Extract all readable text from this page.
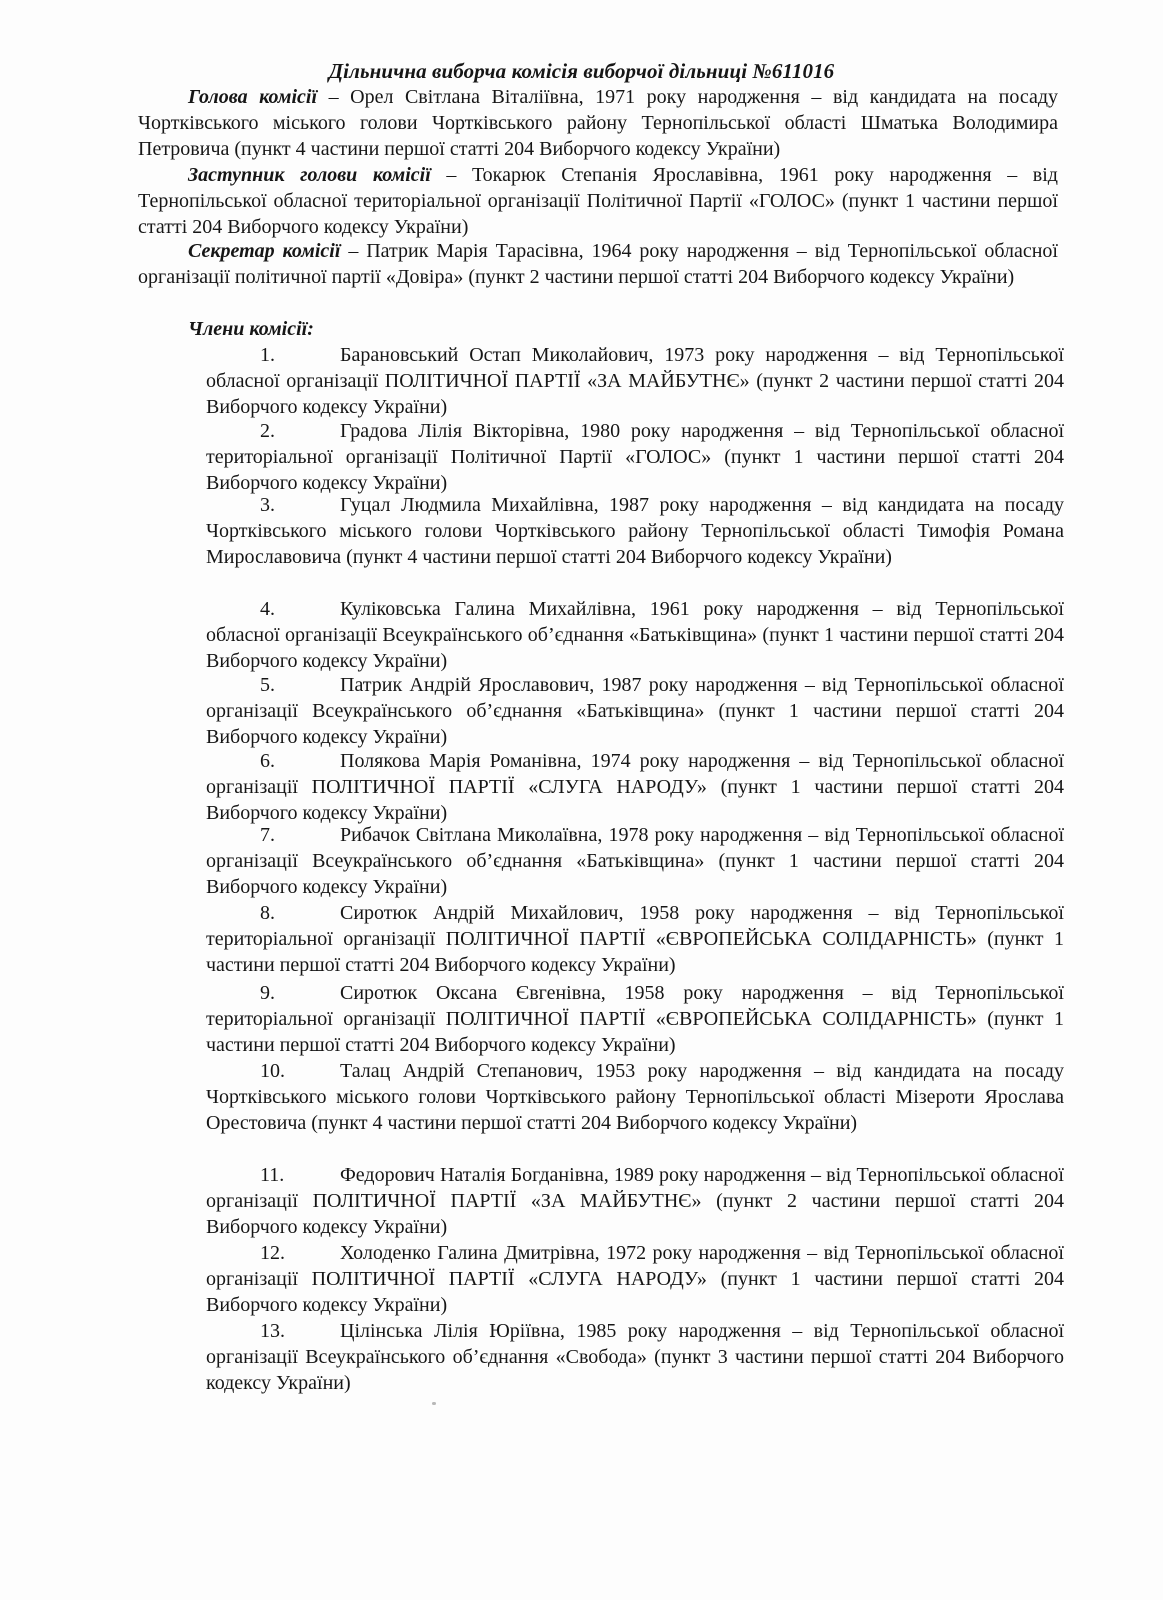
Дільнична виборча комісія виборчої дільниці №611016
Голова комісії – Орел Світлана Віталіївна, 1971 року народження – від кандидата на посаду Чортківського міського голови Чортківського району Тернопільської області Шматька Володимира Петровича (пункт 4 частини першої статті 204 Виборчого кодексу України)
Заступник голови комісії – Токарюк Степанія Ярославівна, 1961 року народження – від Тернопільської обласної територіальної організації Політичної Партії «ГОЛОС» (пункт 1 частини першої статті 204 Виборчого кодексу України)
Секретар комісії – Патрик Марія Тарасівна, 1964 року народження – від Тернопільської обласної організації політичної партії «Довіра» (пункт 2 частини першої статті 204 Виборчого кодексу України)
Члени комісії:
1.	Барановський Остап Миколайович, 1973 року народження – від Тернопільської обласної організації ПОЛІТИЧНОЇ ПАРТІЇ «ЗА МАЙБУТНЄ» (пункт 2 частини першої статті 204 Виборчого кодексу України)
2.	Градова Лілія Вікторівна, 1980 року народження – від Тернопільської обласної територіальної організації Політичної Партії «ГОЛОС» (пункт 1 частини першої статті 204 Виборчого кодексу України)
3.	Гуцал Людмила Михайлівна, 1987 року народження – від кандидата на посаду Чортківського міського голови Чортківського району Тернопільської області Тимофія Романа Мирославовича (пункт 4 частини першої статті 204 Виборчого кодексу України)
4.	Куліковська Галина Михайлівна, 1961 року народження – від Тернопільської обласної організації Всеукраїнського об’єднання «Батьківщина» (пункт 1 частини першої статті 204 Виборчого кодексу України)
5.	Патрик Андрій Ярославович, 1987 року народження – від Тернопільської обласної організації Всеукраїнського об’єднання «Батьківщина» (пункт 1 частини першої статті 204 Виборчого кодексу України)
6.	Полякова Марія Романівна, 1974 року народження – від Тернопільської обласної організації ПОЛІТИЧНОЇ ПАРТІЇ «СЛУГА НАРОДУ» (пункт 1 частини першої статті 204 Виборчого кодексу України)
7.	Рибачок Світлана Миколаївна, 1978 року народження – від Тернопільської обласної організації Всеукраїнського об’єднання «Батьківщина» (пункт 1 частини першої статті 204 Виборчого кодексу України)
8.	Сиротюк Андрій Михайлович, 1958 року народження – від Тернопільської територіальної організації ПОЛІТИЧНОЇ ПАРТІЇ «ЄВРОПЕЙСЬКА СОЛІДАРНІСТЬ» (пункт 1 частини першої статті 204 Виборчого кодексу України)
9.	Сиротюк Оксана Євгенівна, 1958 року народження – від Тернопільської територіальної організації ПОЛІТИЧНОЇ ПАРТІЇ «ЄВРОПЕЙСЬКА СОЛІДАРНІСТЬ» (пункт 1 частини першої статті 204 Виборчого кодексу України)
10.	Талац Андрій Степанович, 1953 року народження – від кандидата на посаду Чортківського міського голови Чортківського району Тернопільської області Мізероти Ярослава Орестовича (пункт 4 частини першої статті 204 Виборчого кодексу України)
11.	Федорович Наталія Богданівна, 1989 року народження – від Тернопільської обласної організації ПОЛІТИЧНОЇ ПАРТІЇ «ЗА МАЙБУТНЄ» (пункт 2 частини першої статті 204 Виборчого кодексу України)
12.	Холоденко Галина Дмитрівна, 1972 року народження – від Тернопільської обласної організації ПОЛІТИЧНОЇ ПАРТІЇ «СЛУГА НАРОДУ» (пункт 1 частини першої статті 204 Виборчого кодексу України)
13.	Цілінська Лілія Юріївна, 1985 року народження – від Тернопільської обласної організації Всеукраїнського об’єднання «Свобода» (пункт 3 частини першої статті 204 Виборчого кодексу України)
